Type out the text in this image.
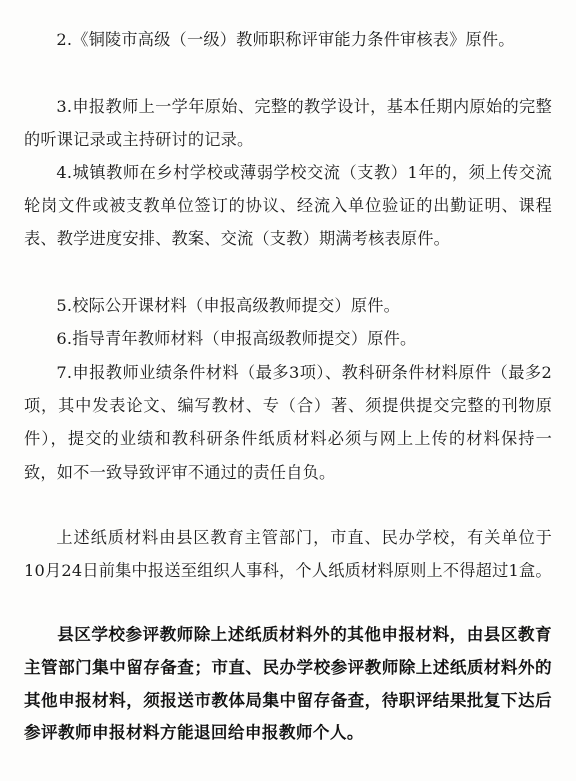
2.《铜陵市高级（一级）教师职称评审能力条件审核表》原件。

3.申报教师上一学年原始、完整的教学设计，基本任期内原始的完整的听课记录或主持研讨的记录。

4.城镇教师在乡村学校或薄弱学校交流（支教）1年的，须上传交流轮岗文件或被支教单位签订的协议、经流入单位验证的出勤证明、课程表、教学进度安排、教案、交流（支教）期满考核表原件。

5.校际公开课材料（申报高级教师提交）原件。

6.指导青年教师材料（申报高级教师提交）原件。

7.申报教师业绩条件材料（最多3项）、教科研条件材料原件（最多2项，其中发表论文、编写教材、专（合）著、须提供提交完整的刊物原件），提交的业绩和教科研条件纸质材料必须与网上上传的材料保持一致，如不一致导致评审不通过的责任自负。

上述纸质材料由县区教育主管部门，市直、民办学校，有关单位于10月24日前集中报送至组织人事科，个人纸质材料原则上不得超过1盒。

县区学校参评教师除上述纸质材料外的其他申报材料，由县区教育主管部门集中留存备查；市直、民办学校参评教师除上述纸质材料外的其他申报材料，须报送市教体局集中留存备查，待职评结果批复下达后参评教师申报材料方能退回给申报教师个人。
